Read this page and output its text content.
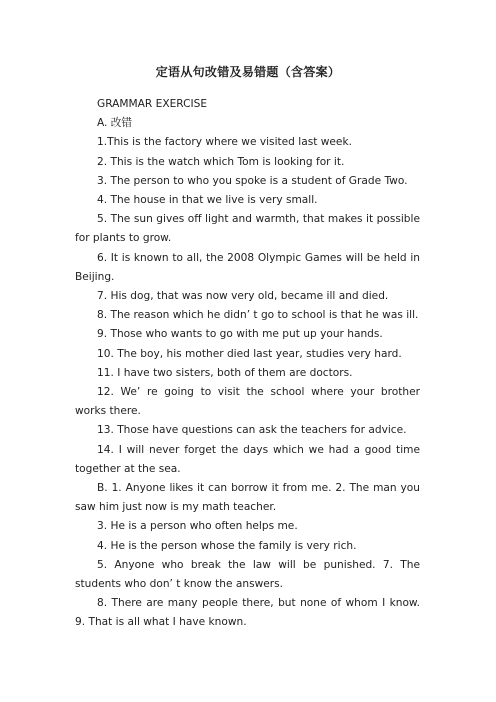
定语从句改错及易错题（含答案）

GRAMMAR EXERCISE

A. 改错

1.This is the factory where we visited last week.

2. This is the watch which Tom is looking for it.

3. The person to who you spoke is a student of Grade Two.

4. The house in that we live is very small.

5. The sun gives off light and warmth, that makes it possible for plants to grow.

6. It is known to all, the 2008 Olympic Games will be held in Beijing.

7. His dog, that was now very old, became ill and died.

8. The reason which he didn’ t go to school is that he was ill.

9. Those who wants to go with me put up your hands.

10. The boy, his mother died last year, studies very hard.

11. I have two sisters, both of them are doctors.

12. We’ re going to visit the school where your brother works there.

13. Those have questions can ask the teachers for advice.

14. I will never forget the days which we had a good time together at the sea.

B. 1. Anyone likes it can borrow it from me. 2. The man you saw him just now is my math teacher.

3. He is a person who often helps me.

4. He is the person whose the family is very rich.

5. Anyone who break the law will be punished. 7. The students who don’ t know the answers.

8. There are many people there, but none of whom I know. 9. That is all what I have known.
